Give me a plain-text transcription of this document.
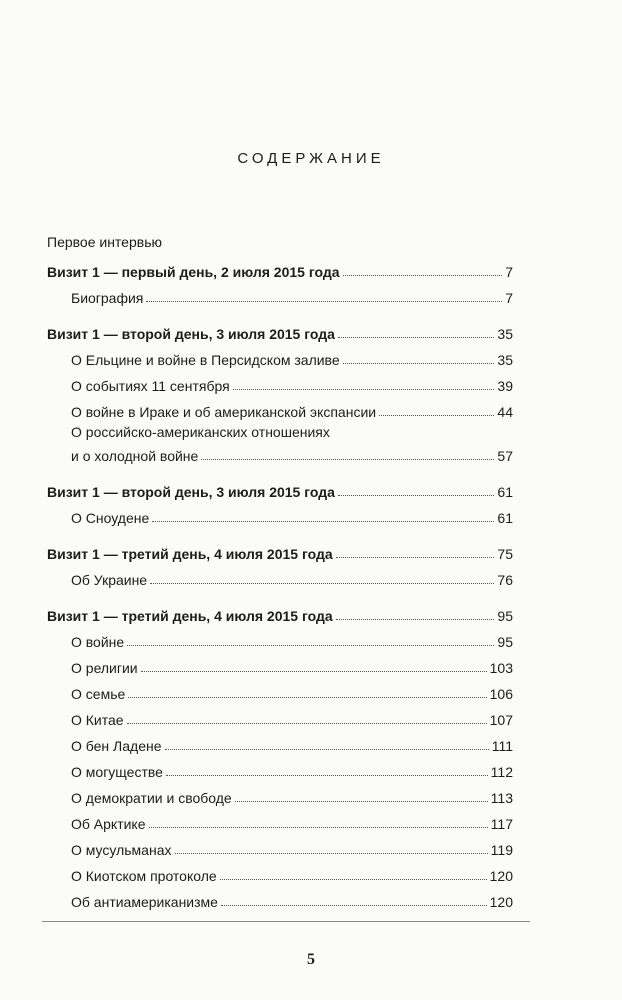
СОДЕРЖАНИЕ
Первое интервью
Визит 1 — первый день, 2 июля 2015 года	7
Биография	7
Визит 1 — второй день, 3 июля 2015 года	35
О Ельцине и войне в Персидском заливе	35
О событиях 11 сентября	39
О войне в Ираке и об американской экспансии	44
О российско-американских отношениях
и о холодной войне	57
Визит 1 — второй день, 3 июля 2015 года	61
О Сноудене	61
Визит 1 — третий день, 4 июля 2015 года	75
Об Украине	76
Визит 1 — третий день, 4 июля 2015 года	95
О войне	95
О религии	103
О семье	106
О Китае	107
О бен Ладене	111
О могуществе	112
О демократии и свободе	113
Об Арктике	117
О мусульманах	119
О Киотском протоколе	120
Об антиамериканизме	120
5
